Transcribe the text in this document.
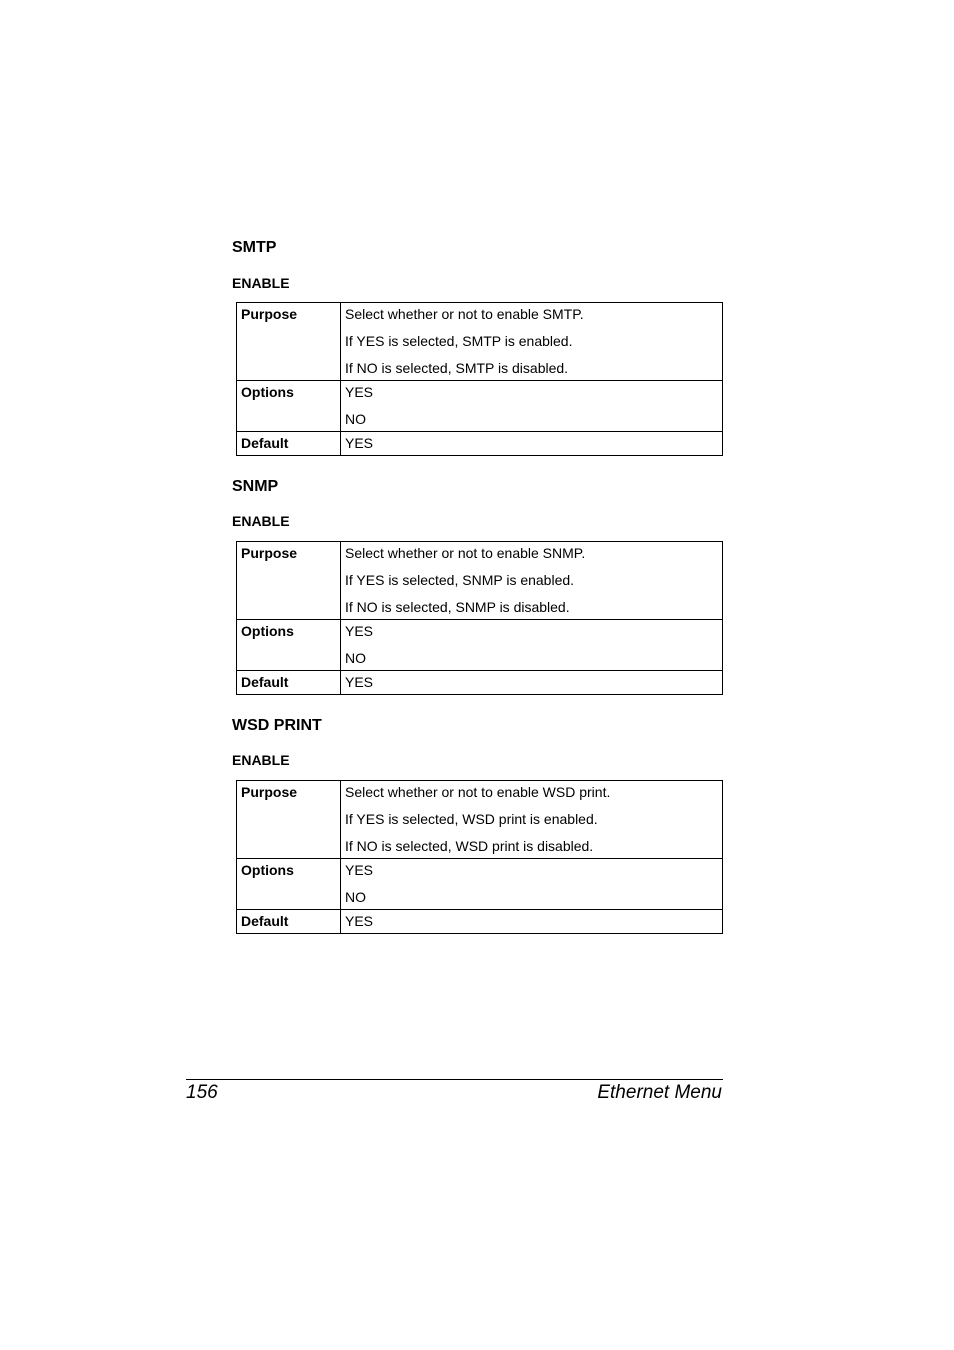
SMTP
ENABLE
Purpose	Select whether or not to enable SMTP.
If YES is selected, SMTP is enabled.
If NO is selected, SMTP is disabled.

Options	YES
NO

Default	YES
SNMP
ENABLE
Purpose	Select whether or not to enable SNMP.
If YES is selected, SNMP is enabled.
If NO is selected, SNMP is disabled.

Options	YES
NO

Default	YES
WSD PRINT
ENABLE
Purpose	Select whether or not to enable WSD print.
If YES is selected, WSD print is enabled.
If NO is selected, WSD print is disabled.

Options	YES
NO

Default	YES
156	Ethernet Menu
